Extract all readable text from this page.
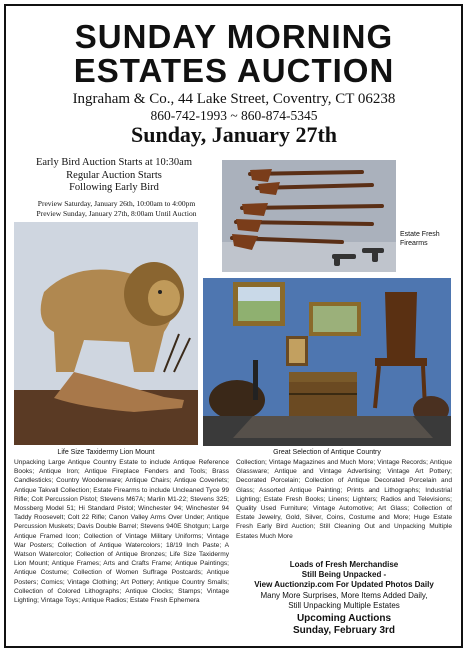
SUNDAY MORNING
ESTATES AUCTION
Ingraham & Co., 44 Lake Street, Coventry, CT 06238
860-742-1993 ~ 860-874-5345
Sunday, January 27th
Early Bird Auction Starts at 10:30am
Regular Auction Starts
Following Early Bird
Preview Saturday, January 26th, 10:00am to 4:00pm
Preview Sunday, January 27th, 8:00am Until Auction
Estate Fresh Firearms
Life Size Taxidermy Lion Mount	Great Selection of Antique Country
Unpacking Large Antique Country Estate to include Antique Reference Books; Antique Iron; Antique Fireplace Fenders and Tools; Brass Candlesticks; Country Woodenware; Antique Chairs; Antique Coverlets; Antique Takvall Collection; Estate Firearms to include Uncleaned Tyce 99 Rifle; Colt Percussion Pistol; Stevens M67A; Marlin M1-22; Stevens 325; Mossberg Model 51; Hi Standard Pistol; Winchester 94; Winchester 94 Taddy Roosevelt; Colt 22 Rifle; Canon Valley Arms Over Under; Antique Percussion Muskets; Davis Double Barrel; Stevens 940E Shotgun; Large Antique Framed Icon; Collection of Vintage Military Uniforms; Vintage War Posters; Collection of Antique Watercolors; 18/19 Inch Paste; A Watson Watercolor; Collection of Antique Bronzes; Life Size Taxidermy Lion Mount; Antique Frames; Arts and Crafts Frame; Antique Paintings; Antique Costume; Collection of Women Suffrage Postcards; Antique Posters; Comics; Vintage Clothing; Art Pottery; Antique Country Smalls; Collection of Colored Lithographs; Antique Clocks; Stamps; Vintage Lighting; Vintage Toys; Antique Radios; Estate Fresh Ephemera
Collection; Vintage Magazines and Much More; Vintage Records; Antique Glassware; Antique and Vintage Advertising; Vintage Art Pottery; Decorated Porcelain; Collection of Antique Decorated Porcelain and Glass; Assorted Antique Painting; Prints and Lithographs; Industrial Lighting; Estate Fresh Books; Linens; Lighters; Radios and Televisions; Quality Used Furniture; Vintage Automotive; Art Glass; Collection of Estate Jewelry, Gold, Silver, Coins, Costume and More; Huge Estate Fresh Early Bird Auction; Still Cleaning Out and Unpacking Multiple Estates Much More
Loads of Fresh Merchandise
Still Being Unpacked -
View Auctionzip.com For Updated Photos Daily
Many More Surprises, More Items Added Daily,
Still Unpacking Multiple Estates
Upcoming Auctions
Sunday, February 3rd
